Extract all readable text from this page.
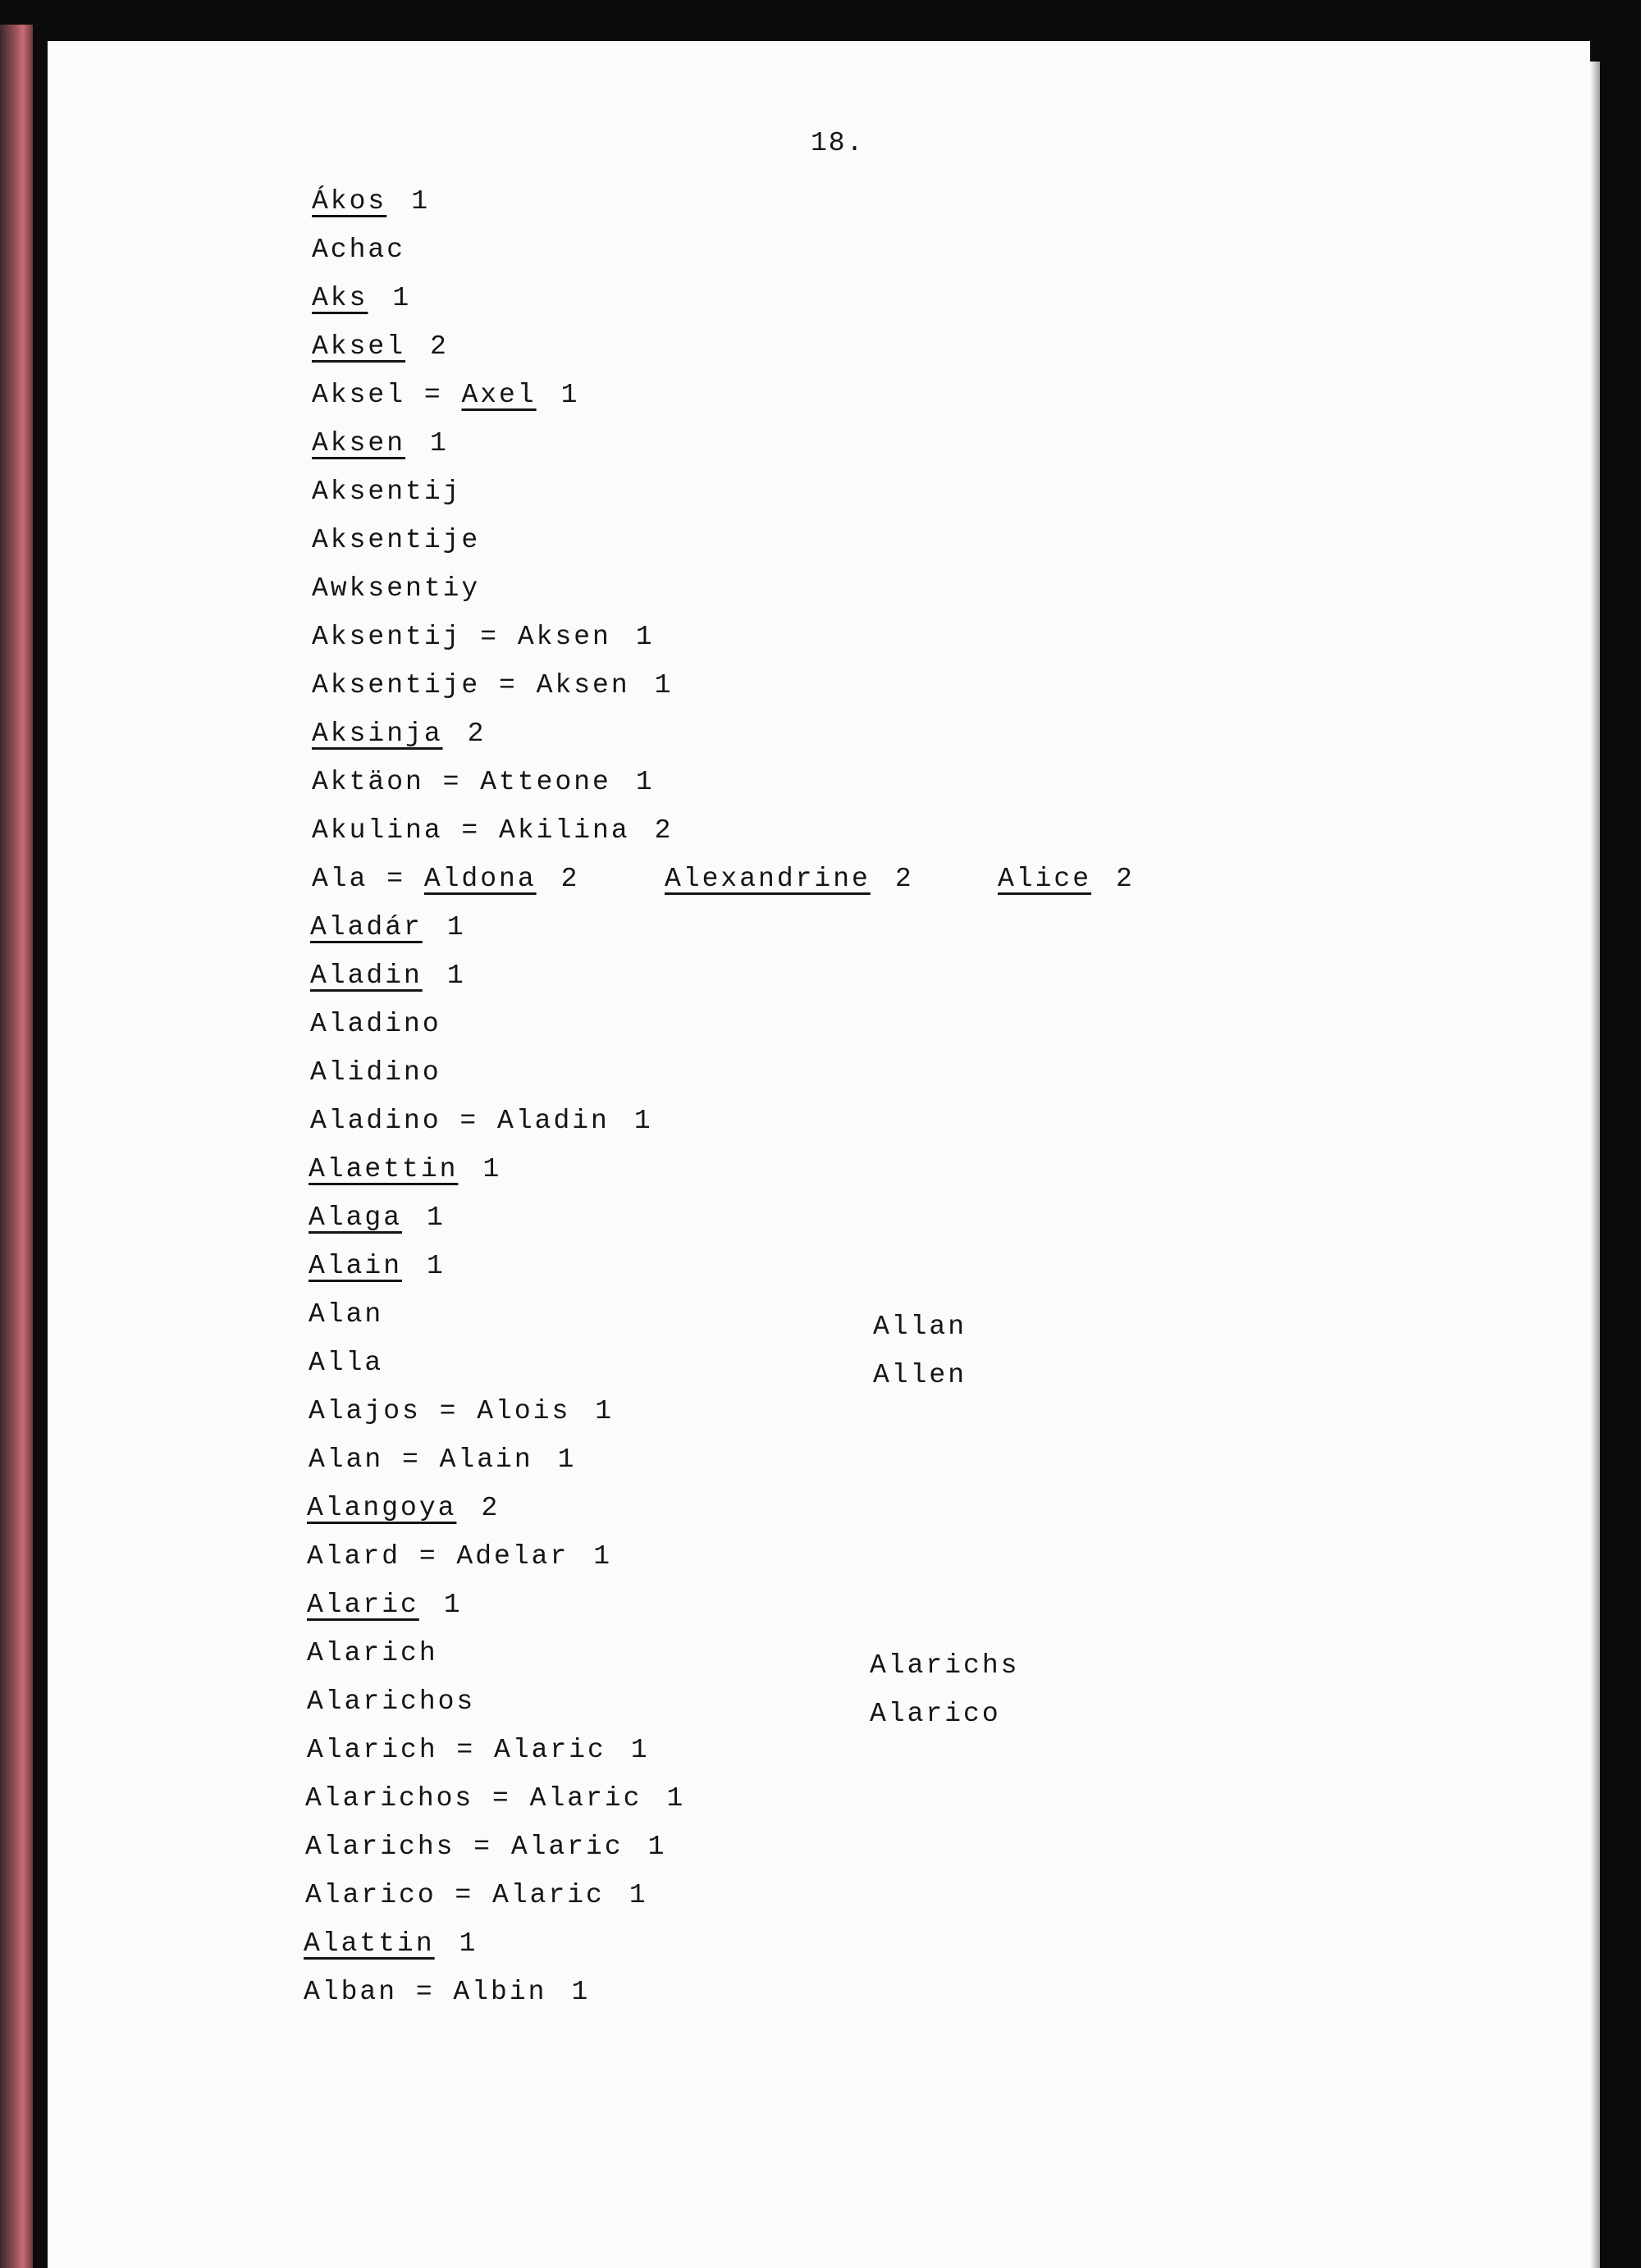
18.
Ákos 1
Achac
Aks 1
Aksel 2
Aksel = Axel 1
Aksen 1
Aksentij
Aksentije
Awksentiy
Aksentij = Aksen 1
Aksentije = Aksen 1
Aksinja 2
Aktäon = Atteone 1
Akulina = Akilina 2
Ala = Aldona 2	Alexandrine 2	Alice 2
Aladár 1
Aladin 1
Aladino
Alidino
Aladino = Aladin 1
Alaettin 1
Alaga 1
Alain 1
Alan
Alla
Alajos = Alois 1
Alan = Alain 1
Alangoya 2
Alard = Adelar 1
Alaric 1
Alarich
Alarichos
Alarich = Alaric 1
Alarichos = Alaric 1
Alarichs = Alaric 1
Alarico = Alaric 1
Alattin 1
Alban = Albin 1
Allan
Allen
Alarichs
Alarico
